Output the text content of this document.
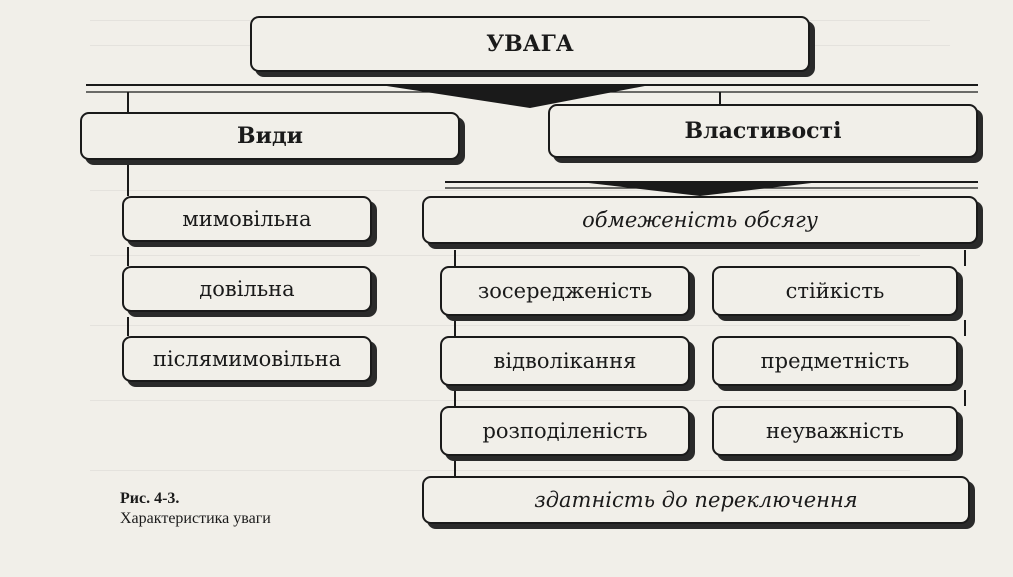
УВАГА
Види	Властивості
мимовільна
довільна
післямимовільна
обмеженість обсягу
зосередженість	стійкість
відволікання	предметність
розподіленість	неуважність
здатність до переключення
Рис. 4-3.
Характеристика уваги
